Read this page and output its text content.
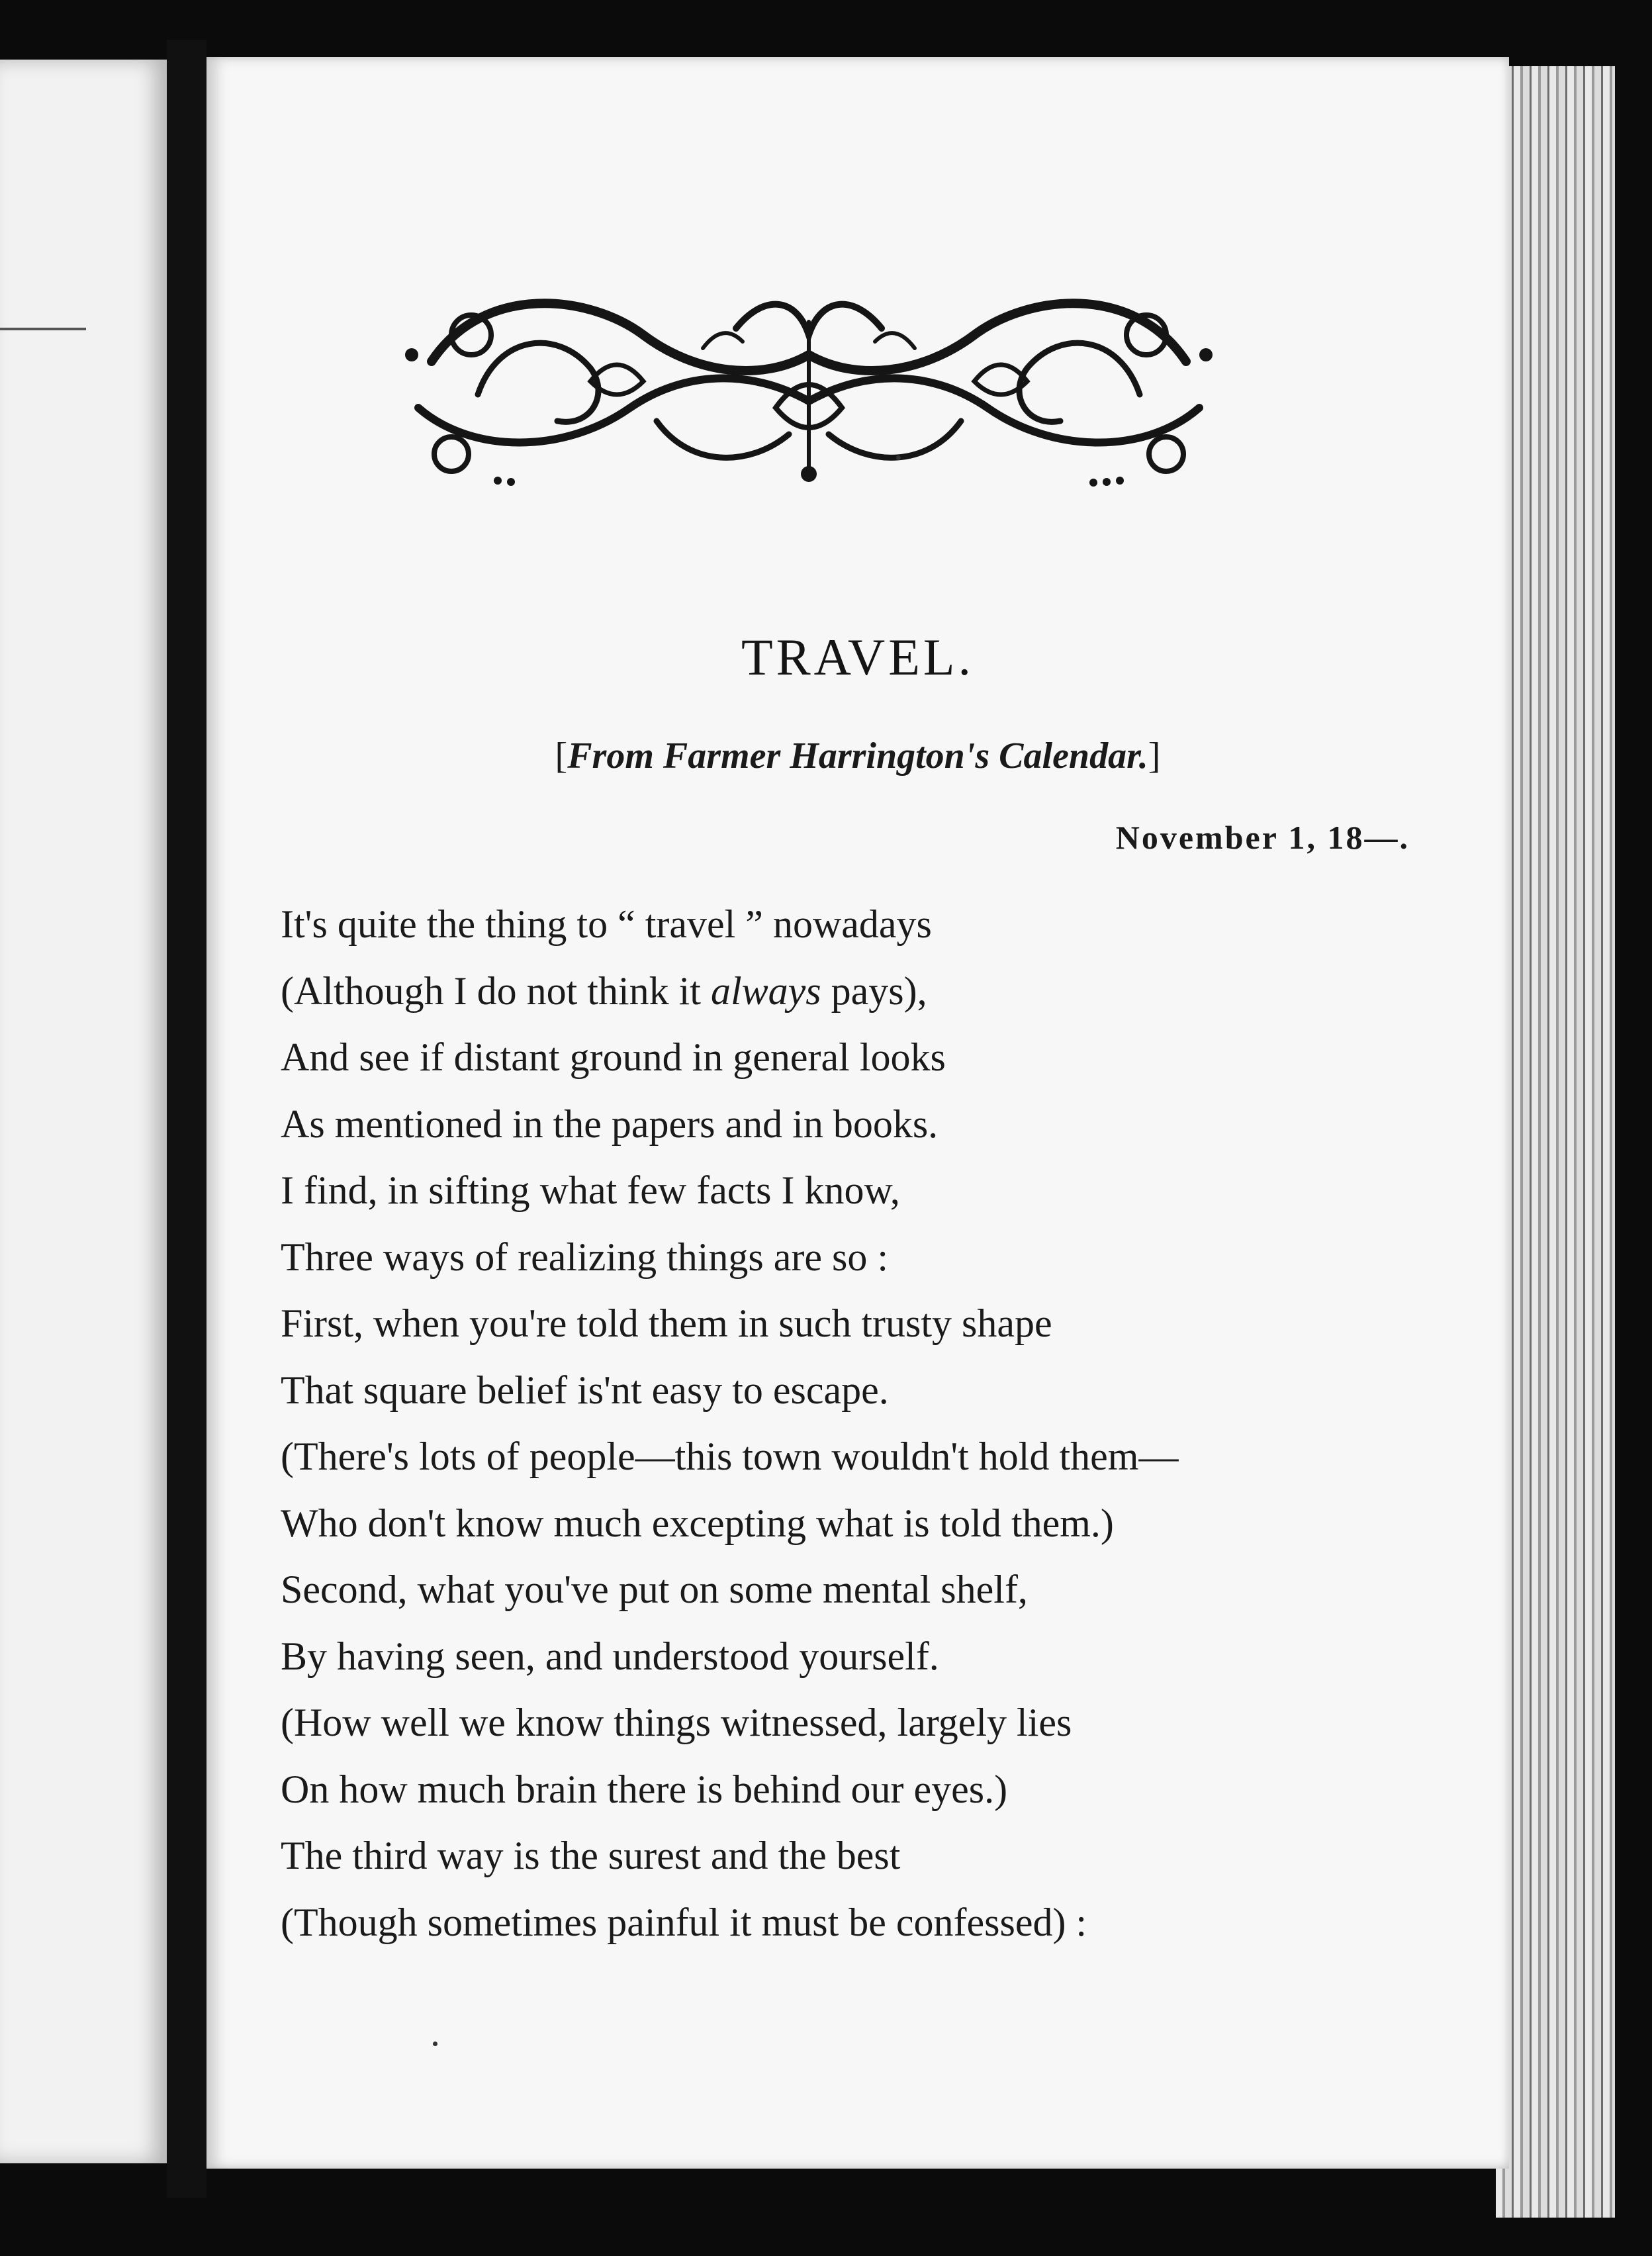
TRAVEL.
[From Farmer Harrington's Calendar.]
November 1, 18—.
It's quite the thing to “ travel ” nowadays
(Although I do not think it always pays),
And see if distant ground in general looks
As mentioned in the papers and in books.
I find, in sifting what few facts I know,
Three ways of realizing things are so :
First, when you're told them in such trusty shape
That square belief is'nt easy to escape.
(There's lots of people—this town wouldn't hold them—
Who don't know much excepting what is told them.)
Second, what you've put on some mental shelf,
By having seen, and understood yourself.
(How well we know things witnessed, largely lies
On how much brain there is behind our eyes.)
The third way is the surest and the best
(Though sometimes painful it must be confessed) :
